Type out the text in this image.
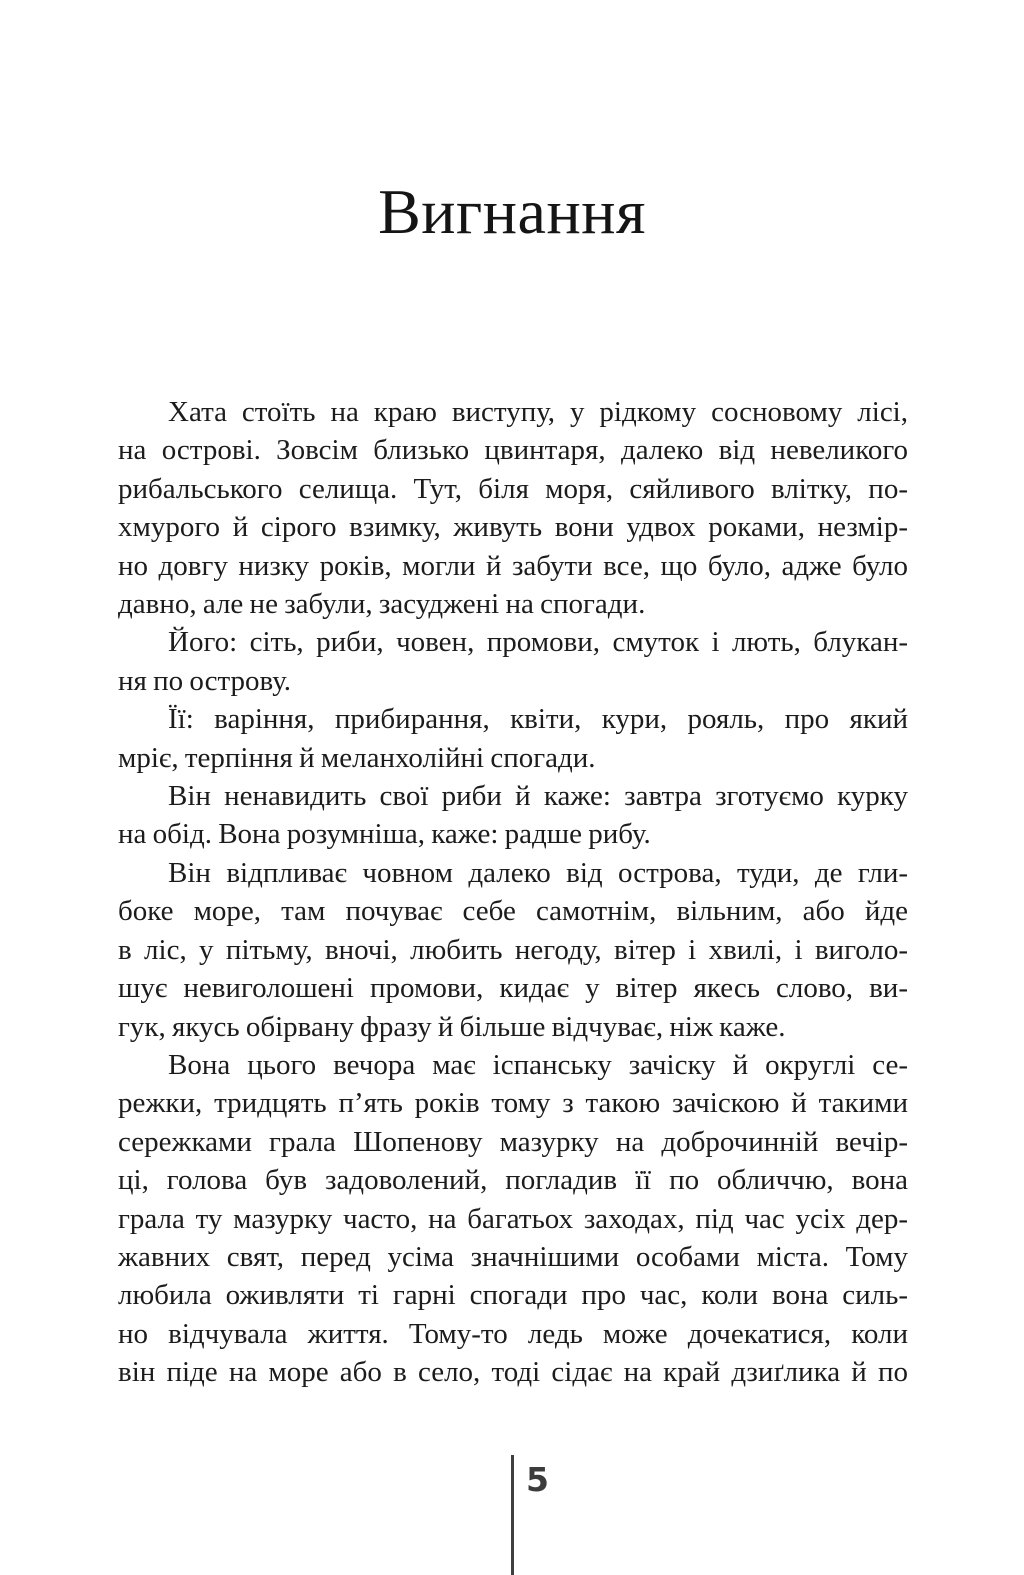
Вигнання
Хата стоїть на краю виступу, у рідкому сосновому лісі,
на острові. Зовсім близько цвинтаря, далеко від невеликого
рибальського селища. Тут, біля моря, сяйливого влітку, по-
хмурого й сірого взимку, живуть вони удвох роками, незмір-
но довгу низку років, могли й забути все, що було, адже було
давно, але не забули, засуджені на спогади.
Його: сіть, риби, човен, промови, смуток і лють, блукан-
ня по острову.
Її: варіння, прибирання, квіти, кури, рояль, про який
мріє, терпіння й меланхолійні спогади.
Він ненавидить свої риби й каже: завтра зготуємо курку
на обід. Вона розумніша, каже: радше рибу.
Він відпливає човном далеко від острова, туди, де гли-
боке море, там почуває себе самотнім, вільним, або йде
в ліс, у пітьму, вночі, любить негоду, вітер і хвилі, і виголо-
шує невиголошені промови, кидає у вітер якесь слово, ви-
гук, якусь обірвану фразу й більше відчуває, ніж каже.
Вона цього вечора має іспанську зачіску й округлі се-
режки, тридцять п’ять років тому з такою зачіскою й такими
сережками грала Шопенову мазурку на доброчинній вечір-
ці, голова був задоволений, погладив її по обличчю, вона
грала ту мазурку часто, на багатьох заходах, під час усіх дер-
жавних свят, перед усіма значнішими особами міста. Тому
любила оживляти ті гарні спогади про час, коли вона силь-
но відчувала життя. Тому-то ледь може дочекатися, коли
він піде на море або в село, тоді сідає на край дзиґлика й по
5
